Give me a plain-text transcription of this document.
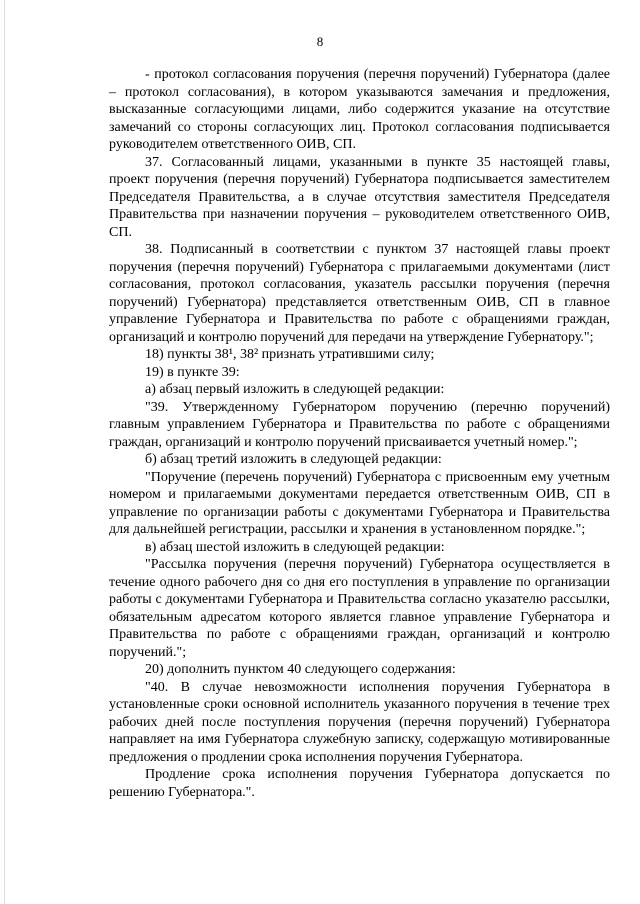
8

- протокол согласования поручения (перечня поручений) Губернатора (далее – протокол согласования), в котором указываются замечания и предложения, высказанные согласующими лицами, либо содержится указание на отсутствие замечаний со стороны согласующих лиц. Протокол согласования подписывается руководителем ответственного ОИВ, СП.

37. Согласованный лицами, указанными в пункте 35 настоящей главы, проект поручения (перечня поручений) Губернатора подписывается заместителем Председателя Правительства, а в случае отсутствия заместителя Председателя Правительства при назначении поручения – руководителем ответственного ОИВ, СП.

38. Подписанный в соответствии с пунктом 37 настоящей главы проект поручения (перечня поручений) Губернатора с прилагаемыми документами (лист согласования, протокол согласования, указатель рассылки поручения (перечня поручений) Губернатора) представляется ответственным ОИВ, СП в главное управление Губернатора и Правительства по работе с обращениями граждан, организаций и контролю поручений для передачи на утверждение Губернатору.";

18) пункты 38¹, 38² признать утратившими силу;

19) в пункте 39:

а) абзац первый изложить в следующей редакции:

"39. Утвержденному Губернатором поручению (перечню поручений) главным управлением Губернатора и Правительства по работе с обращениями граждан, организаций и контролю поручений присваивается учетный номер.";

б) абзац третий изложить в следующей редакции:

"Поручение (перечень поручений) Губернатора с присвоенным ему учетным номером и прилагаемыми документами передается ответственным ОИВ, СП в управление по организации работы с документами Губернатора и Правительства для дальнейшей регистрации, рассылки и хранения в установленном порядке.";

в) абзац шестой изложить в следующей редакции:

"Рассылка поручения (перечня поручений) Губернатора осуществляется в течение одного рабочего дня со дня его поступления в управление по организации работы с документами Губернатора и Правительства согласно указателю рассылки, обязательным адресатом которого является главное управление Губернатора и Правительства по работе с обращениями граждан, организаций и контролю поручений.";

20) дополнить пунктом 40 следующего содержания:

"40. В случае невозможности исполнения поручения Губернатора в установленные сроки основной исполнитель указанного поручения в течение трех рабочих дней после поступления поручения (перечня поручений) Губернатора направляет на имя Губернатора служебную записку, содержащую мотивированные предложения о продлении срока исполнения поручения Губернатора.

Продление срока исполнения поручения Губернатора допускается по решению Губернатора.".
